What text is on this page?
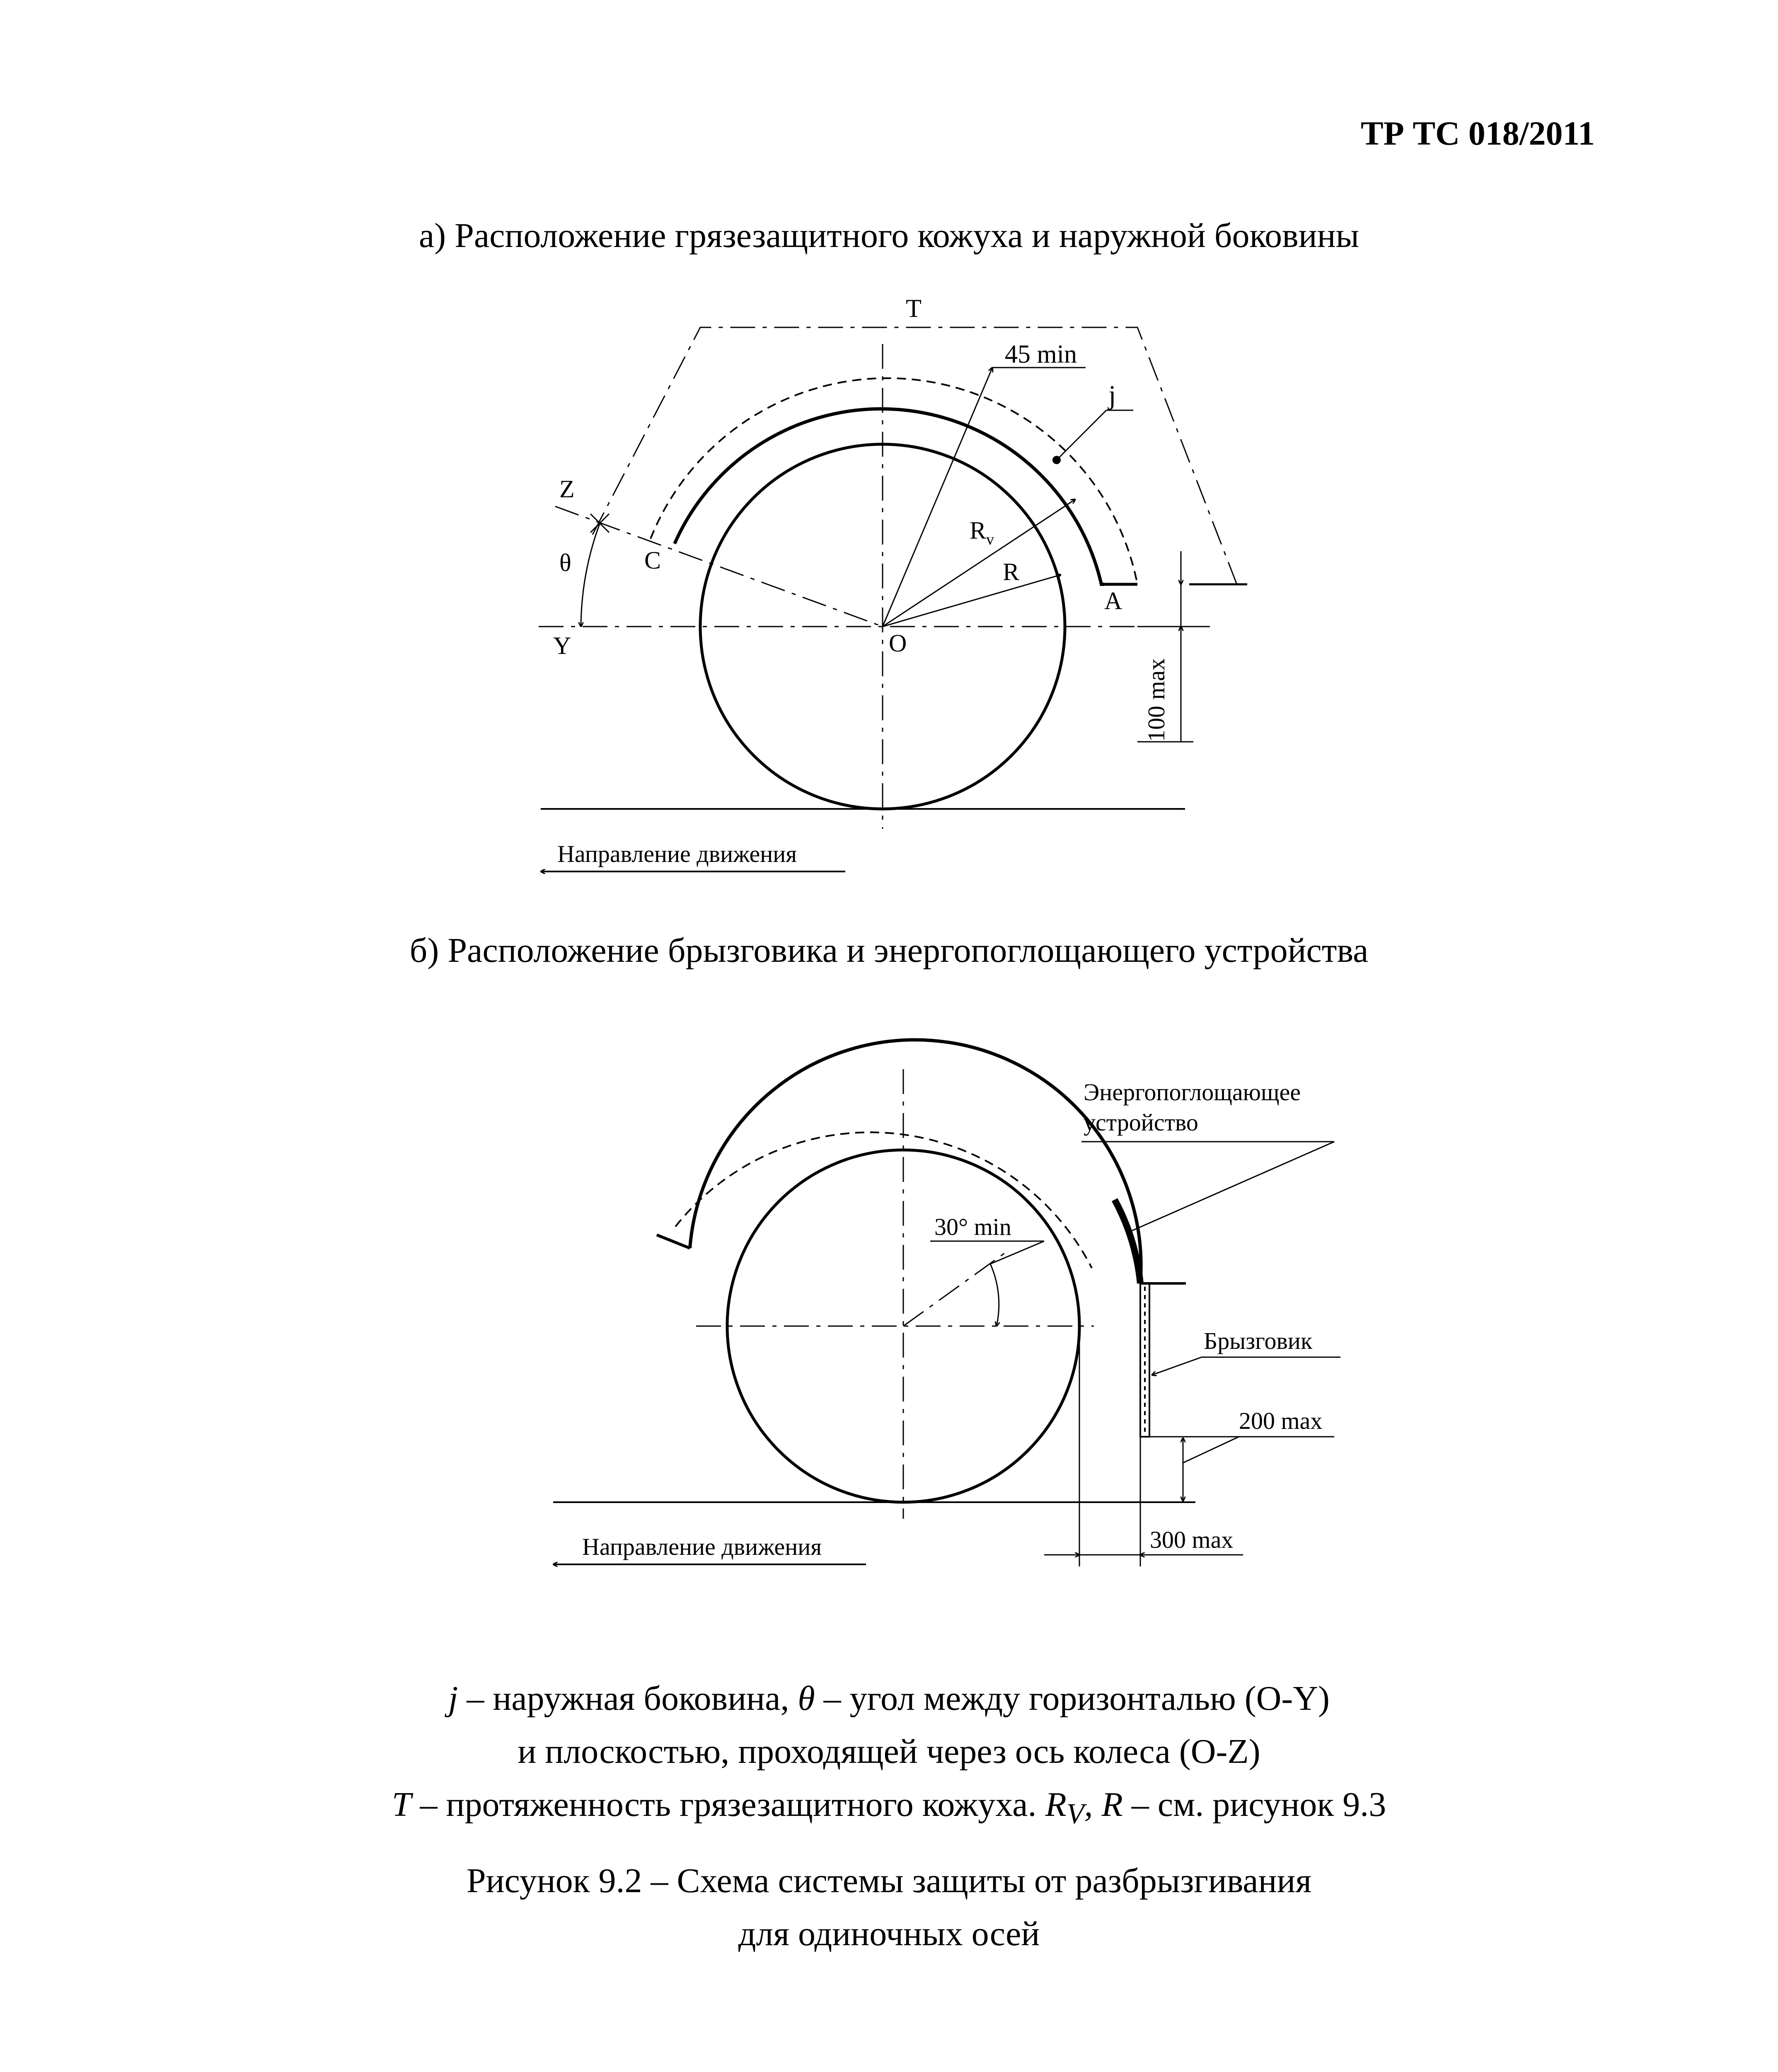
ТР ТС 018/2011
а) Расположение грязезащитного кожуха и наружной боковины
T
45 min
j
Z
θ	C
$R_v$
R
A
Y	O
100 max
Направление движения
Энергопоглощающее
устройство
30° min
Брызговик
200 max
300 max
Направление движения
б) Расположение брызговика и энергопоглощающего устройства
j – наружная боковина, θ – угол между горизонталью (O-Y)
и плоскостью, проходящей через ось колеса (O-Z)
T – протяженность грязезащитного кожуха. $R_V$, R – см. рисунок 9.3
Рисунок 9.2 – Схема системы защиты от разбрызгивания
для одиночных осей
